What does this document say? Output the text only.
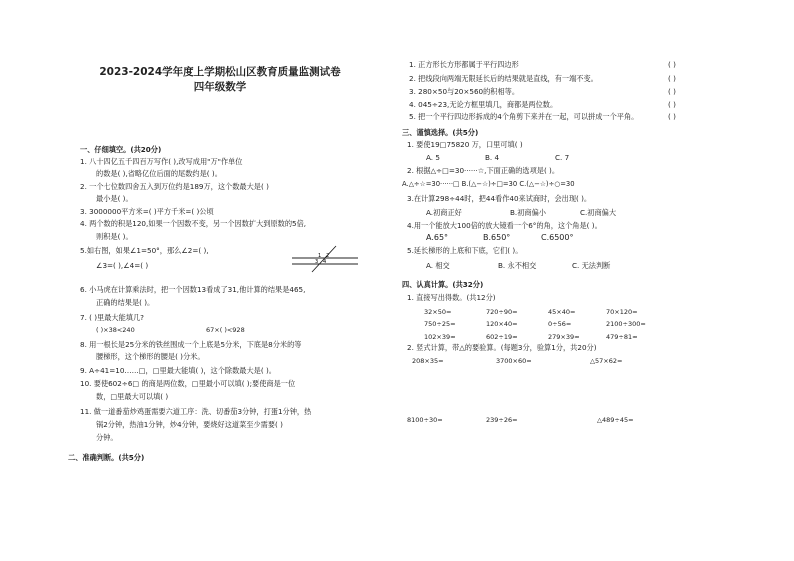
2023-2024学年度上学期松山区教育质量监测试卷
四年级数学
一、仔细填空。(共20分)
1. 八十四亿五千四百万写作( ),改写成用"万"作单位
的数是( ),省略亿位后面的尾数约是( )。
2. 一个七位数四舍五入到万位约是189万，这个数最大是( )
最小是( )。
3. 3000000平方米=( )平方千米=( )公顷
4. 两个数的积是120,如果一个因数不变，另一个因数扩大到原数的5倍,
则积是( )。
5.如右图，如果∠1=50°，那么∠2=( ),
∠3=( ),∠4=( )
1 2
3 4
6. 小马虎在计算乘法时，把一个因数13看成了31,他计算的结果是465,
正确的结果是( )。
7. ( )里最大能填几?
( )×38<240	67×( )<928
8. 用一根长是25分米的铁丝围成一个上底是5分米，下底是8分米的等
腰梯形，这个梯形的腰是( )分米。
9. A÷41=10……□，□里最大能填( )，这个除数最大是( )。
10. 要使602÷6□ 的商是两位数，□里最小可以填( );要使商是一位
数，□里最大可以填( )
11. 做一道番茄炒鸡蛋需要六道工序：洗、切番茄3分钟，打蛋1分钟，热
锅2分钟，热油1分钟，炒4分钟，要烧好这道菜至少需要( )
分钟。
二、准确判断。(共5分)
1. 正方形长方形都属于平行四边形	( )
2. 把线段向两端无限延长后的结果就是直线，有一端不变。	( )
3. 280×50与20×560的积相等。	( )
4. 045÷23,无论方框里填几，商都是两位数。	( )
5. 把一个平行四边形拆成的4个角剪下来并在一起，可以拼成一个平角。	( )
三、谨慎选择。(共5分)
1. 要使19□75820 万，口里可填( )
A. 5	B. 4	C. 7
2. 根据△÷□=30······☆,下面正确的选项是( )。
A.△÷☆=30······□ B.(△−☆)÷□=30 C.(△−☆)÷○=30
3.在计算298÷44时，把44看作40来试商时，会出现( )。
A.初商正好	B.初商偏小	C.初商偏大
4.用一个能放大100倍的放大镜看一个6°的角，这个角是( )。
A.65°	B.650°	C.6500°
5.延长梯形的上底和下底，它们( )。
A. 相交	B. 永不相交	C. 无法判断
四、认真计算。(共32分)
1. 直接写出得数。(共12分)
32×50=	720÷90=	45×40=	70×120=
750÷25=	120×40=	0÷56=	2100÷300=
102×39≈	602÷19≈	279×39≈	479÷81≈
2. 竖式计算，带△的要验算。(每题3分，验算1分，共20分)
208×35=	3700×60=	△57×62=
8100÷30=	239÷26=	△489÷45=
